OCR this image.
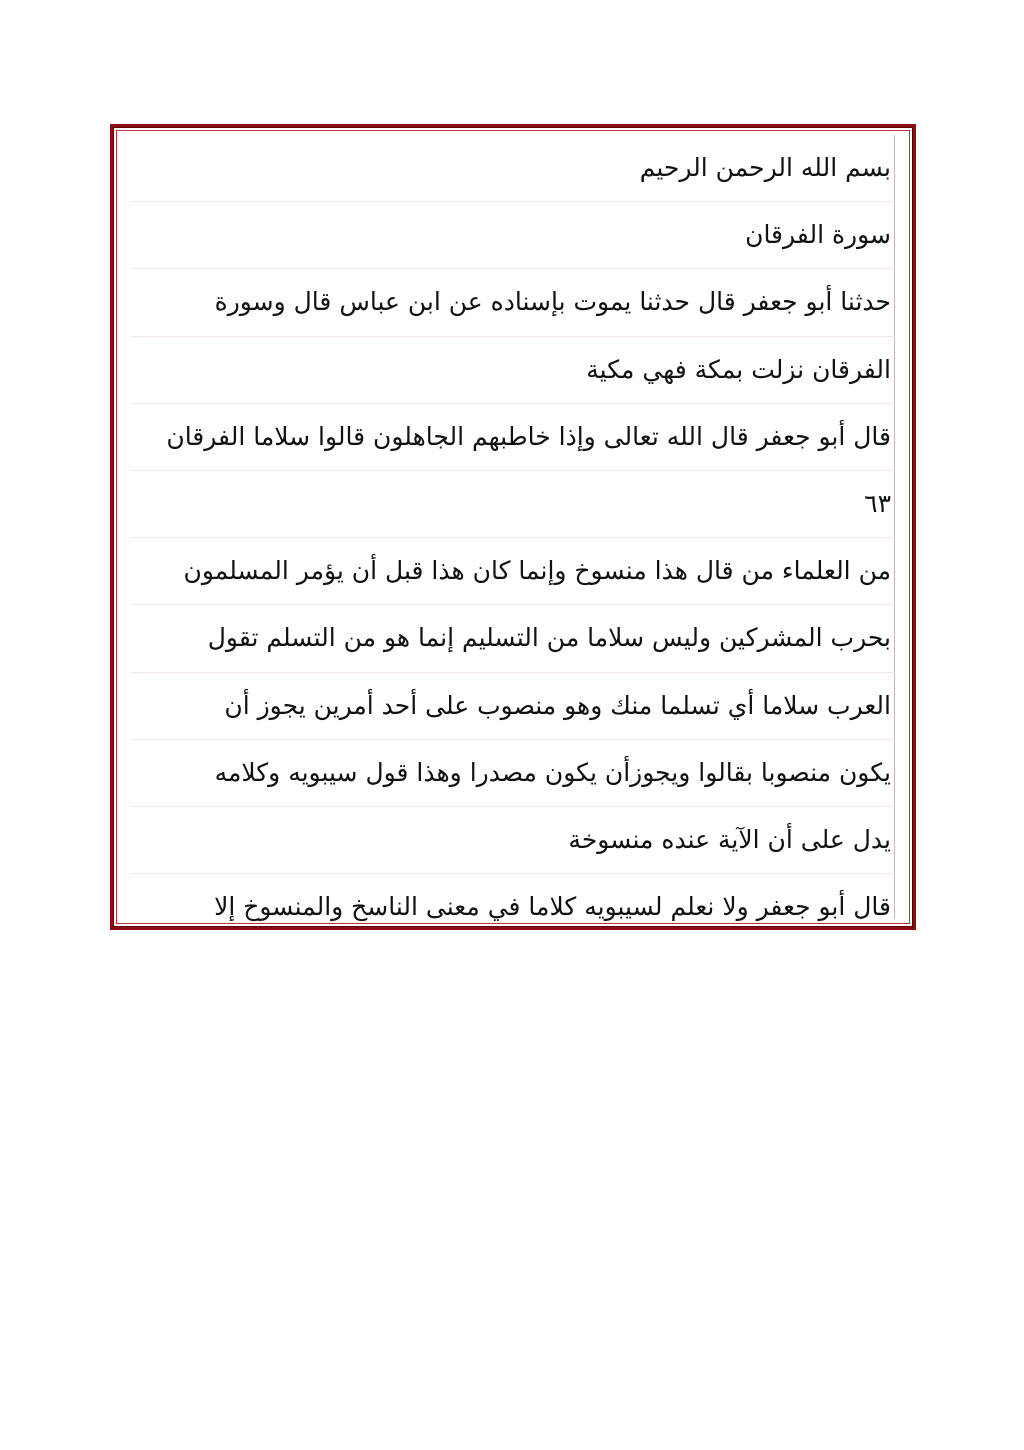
بسم الله الرحمن الرحيم
سورة الفرقان
حدثنا أبو جعفر قال حدثنا يموت بإسناده عن ابن عباس قال وسورة
الفرقان نزلت بمكة فهي مكية
قال أبو جعفر قال الله تعالى وإذا خاطبهم الجاهلون قالوا سلاما الفرقان
٦٣
من العلماء من قال هذا منسوخ وإنما كان هذا قبل أن يؤمر المسلمون
بحرب المشركين وليس سلاما من التسليم إنما هو من التسلم تقول
العرب سلاما أي تسلما منك وهو منصوب على أحد أمرين يجوز أن
يكون منصوبا بقالوا ويجوزأن يكون مصدرا وهذا قول سيبويه وكلامه
يدل على أن الآية عنده منسوخة
قال أبو جعفر ولا نعلم لسيبويه كلاما في معنى الناسخ والمنسوخ إلا
